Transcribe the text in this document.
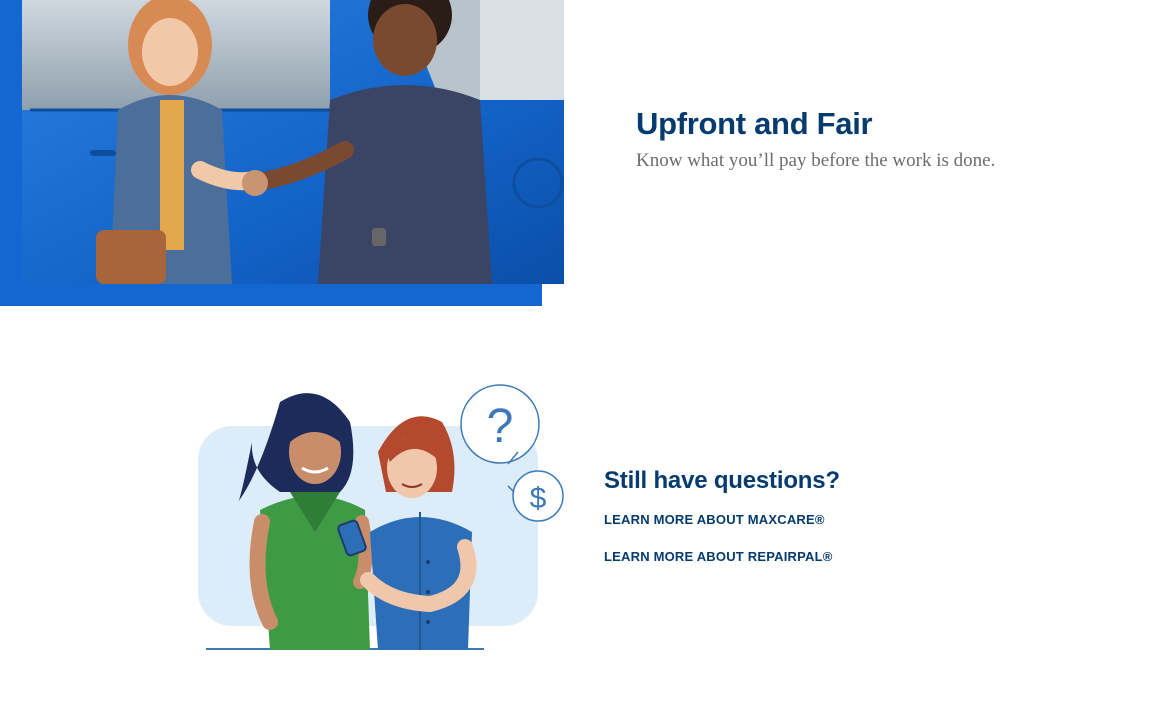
Upfront and Fair

Know what you’ll pay before the work is done.

?
$
Still have questions?
LEARN MORE ABOUT MAXCARE®
LEARN MORE ABOUT REPAIRPAL®
